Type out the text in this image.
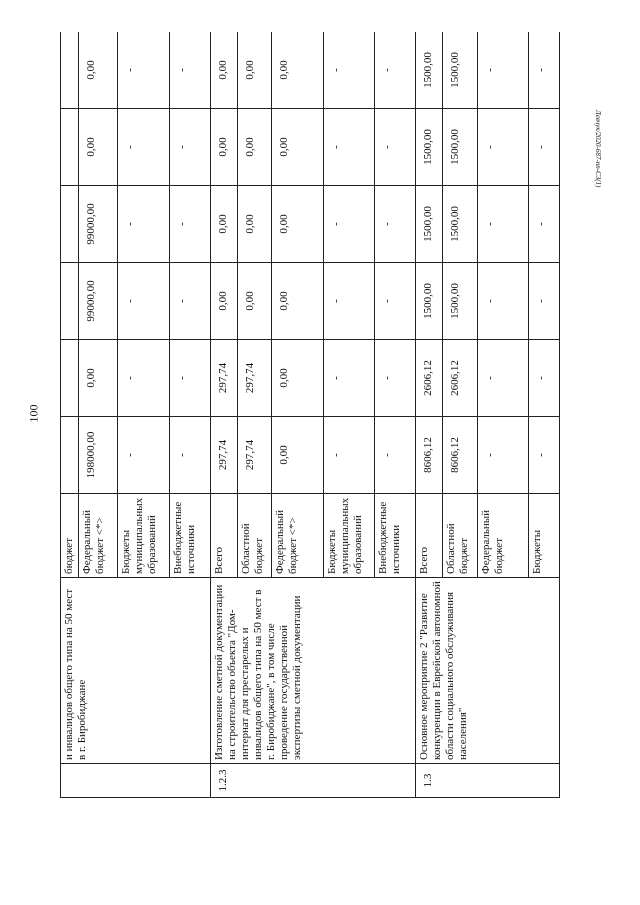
100
Левчук/2020-687-пп-С3(1)
	и инвалидов общего типа на 50 мест в г. Биробиджане	бюджет						
		Федеральный бюджет <*>	198000,00	0,00	99000,00	99000,00	0,00	0,00
		Бюджеты муниципальных образований	-	-	-	-	-	-
		Внебюджетные источники	-	-	-	-	-	-
1.2.3	Изготовление сметной документации на строительство объекта "Дом-интернат для престарелых и инвалидов общего типа на 50 мест в г. Биробиджане", в том числе проведение государственной экспертизы сметной документации	Всего	297,74	297,74	0,00	0,00	0,00	0,00
		Областной бюджет	297,74	297,74	0,00	0,00	0,00	0,00
		Федеральный бюджет <*>	0,00	0,00	0,00	0,00	0,00	0,00
		Бюджеты муниципальных образований	-	-	-	-	-	-
		Внебюджетные источники	-	-	-	-	-	-
1.3	Основное мероприятие 2 "Развитие конкуренции в Еврейской автономной области социального обслуживания населения"	Всего	8606,12	2606,12	1500,00	1500,00	1500,00	1500,00
		Областной бюджет	8606,12	2606,12	1500,00	1500,00	1500,00	1500,00
		Федеральный бюджет	-	-	-	-	-	-
		Бюджеты	-	-	-	-	-	-
